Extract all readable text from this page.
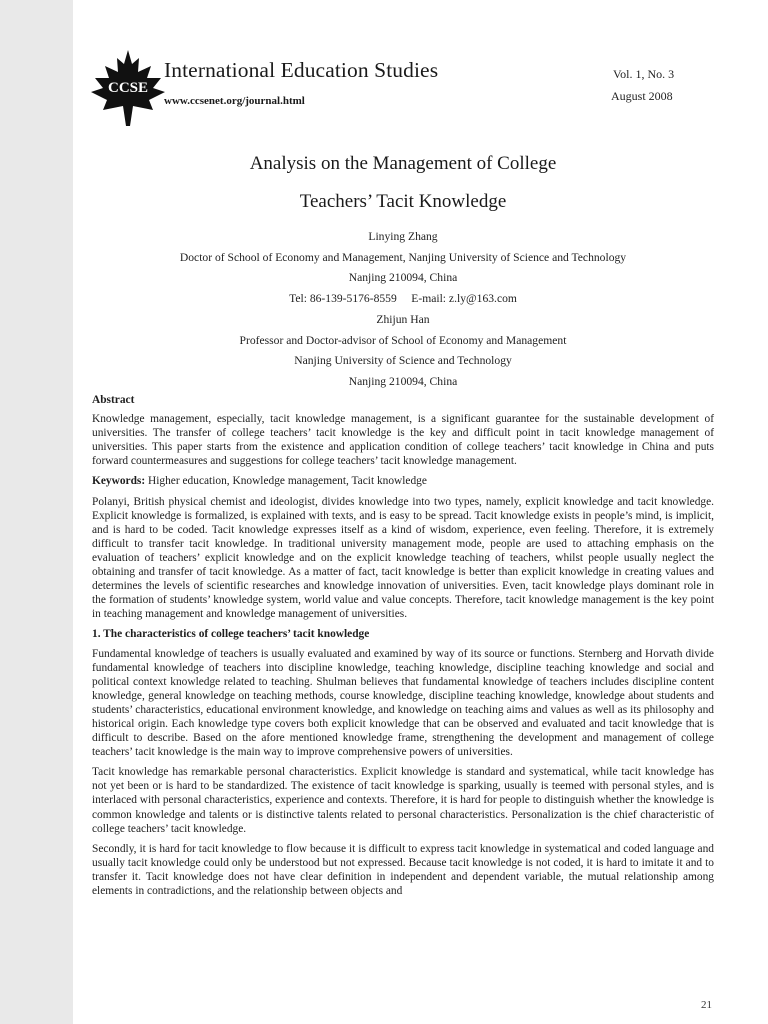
CCSE
International Education Studies
www.ccsenet.org/journal.html
Vol. 1, No. 3
August 2008
Analysis on the Management of College
Teachers’ Tacit Knowledge
Linying Zhang
Doctor of School of Economy and Management, Nanjing University of Science and Technology
Nanjing 210094, China
Tel: 86-139-5176-8559     E-mail: z.ly@163.com
Zhijun Han
Professor and Doctor-advisor of School of Economy and Management
Nanjing University of Science and Technology
Nanjing 210094, China
Abstract

Knowledge management, especially, tacit knowledge management, is a significant guarantee for the sustainable development of universities. The transfer of college teachers’ tacit knowledge is the key and difficult point in tacit knowledge management of universities. This paper starts from the existence and application condition of college teachers’ tacit knowledge in China and puts forward countermeasures and suggestions for college teachers’ tacit knowledge management.

Keywords: Higher education, Knowledge management, Tacit knowledge

Polanyi, British physical chemist and ideologist, divides knowledge into two types, namely, explicit knowledge and tacit knowledge. Explicit knowledge is formalized, is explained with texts, and is easy to be spread. Tacit knowledge exists in people’s mind, is implicit, and is hard to be coded. Tacit knowledge expresses itself as a kind of wisdom, experience, even feeling. Therefore, it is extremely difficult to transfer tacit knowledge. In traditional university management mode, people are used to attaching emphasis on the evaluation of teachers’ explicit knowledge and on the explicit knowledge teaching of teachers, whilst people usually neglect the obtaining and transfer of tacit knowledge. As a matter of fact, tacit knowledge is better than explicit knowledge in creating values and determines the levels of scientific researches and knowledge innovation of universities. Even, tacit knowledge plays dominant role in the formation of students’ knowledge system, world value and value concepts. Therefore, tacit knowledge management is the key point in teaching management and knowledge management of universities.

1. The characteristics of college teachers’ tacit knowledge

Fundamental knowledge of teachers is usually evaluated and examined by way of its source or functions. Sternberg and Horvath divide fundamental knowledge of teachers into discipline knowledge, teaching knowledge, discipline teaching knowledge and social and political context knowledge related to teaching. Shulman believes that fundamental knowledge of teachers includes discipline content knowledge, general knowledge on teaching methods, course knowledge, discipline teaching knowledge, knowledge about students and students’ characteristics, educational environment knowledge, and knowledge on teaching aims and values as well as its philosophy and historical origin. Each knowledge type covers both explicit knowledge that can be observed and evaluated and tacit knowledge that is difficult to describe. Based on the afore mentioned knowledge frame, strengthening the development and management of college teachers’ tacit knowledge is the main way to improve comprehensive powers of universities.

Tacit knowledge has remarkable personal characteristics. Explicit knowledge is standard and systematical, while tacit knowledge has not yet been or is hard to be standardized. The existence of tacit knowledge is sparking, usually is teemed with personal styles, and is interlaced with personal characteristics, experience and contexts. Therefore, it is hard for people to distinguish whether the knowledge is common knowledge and talents or is distinctive talents related to personal characteristics. Personalization is the chief characteristic of college teachers’ tacit knowledge.

Secondly, it is hard for tacit knowledge to flow because it is difficult to express tacit knowledge in systematical and coded language and usually tacit knowledge could only be understood but not expressed. Because tacit knowledge is not coded, it is hard to imitate it and to transfer it. Tacit knowledge does not have clear definition in independent and dependent variable, the mutual relationship among elements in contradictions, and the relationship between objects and

21
